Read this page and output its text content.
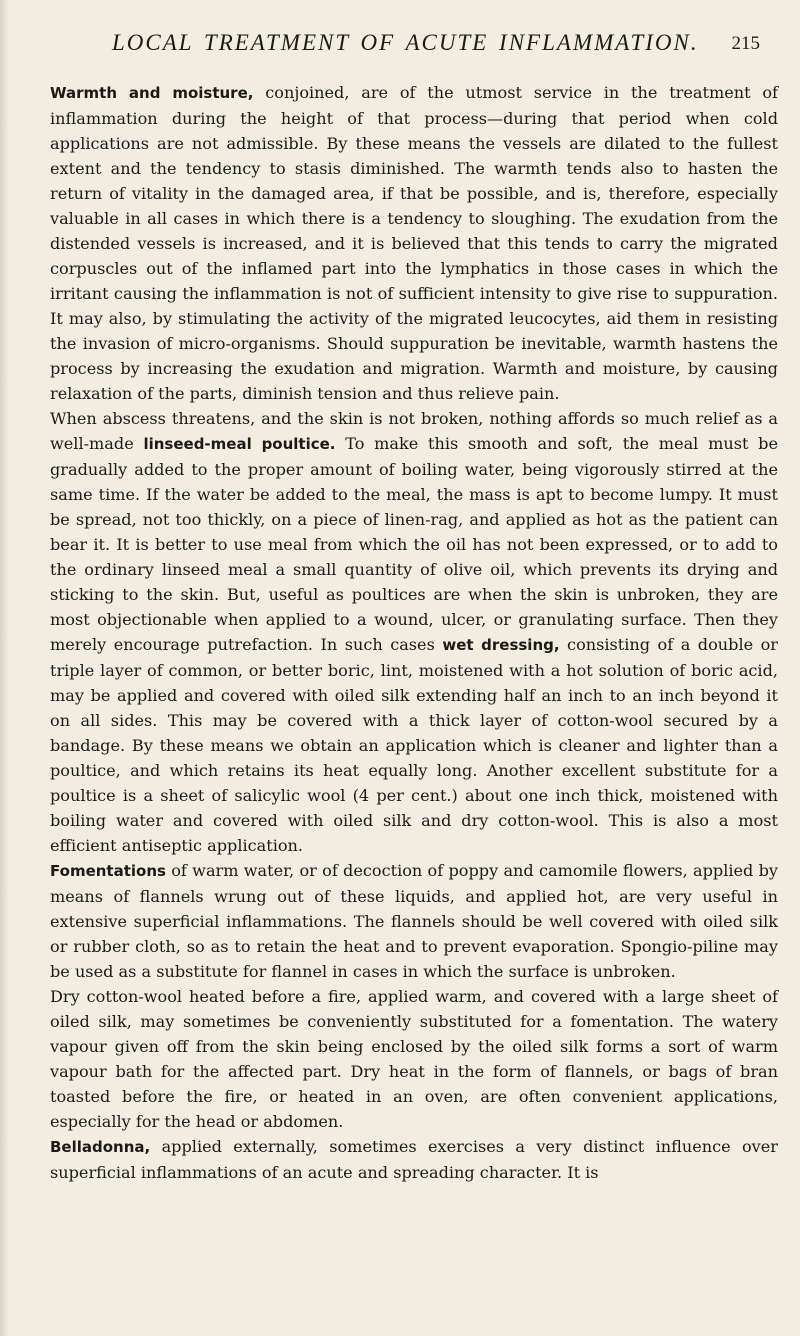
LOCAL TREATMENT OF ACUTE INFLAMMATION. 215

Warmth and moisture, conjoined, are of the utmost service in the treatment of inflammation during the height of that process—during that period when cold applications are not admissible. By these means the vessels are dilated to the fullest extent and the tendency to stasis diminished. The warmth tends also to hasten the return of vitality in the damaged area, if that be possible, and is, therefore, especially valuable in all cases in which there is a tendency to sloughing. The exudation from the distended vessels is increased, and it is believed that this tends to carry the migrated corpuscles out of the inflamed part into the lymphatics in those cases in which the irritant causing the inflammation is not of sufficient intensity to give rise to suppuration. It may also, by stimulating the activity of the migrated leucocytes, aid them in resisting the invasion of micro-organisms. Should suppuration be inevitable, warmth hastens the process by increasing the exudation and migration. Warmth and moisture, by causing relaxation of the parts, diminish tension and thus relieve pain.

When abscess threatens, and the skin is not broken, nothing affords so much relief as a well-made linseed-meal poultice. To make this smooth and soft, the meal must be gradually added to the proper amount of boiling water, being vigorously stirred at the same time. If the water be added to the meal, the mass is apt to become lumpy. It must be spread, not too thickly, on a piece of linen-rag, and applied as hot as the patient can bear it. It is better to use meal from which the oil has not been expressed, or to add to the ordinary linseed meal a small quantity of olive oil, which prevents its drying and sticking to the skin. But, useful as poultices are when the skin is unbroken, they are most objectionable when applied to a wound, ulcer, or granulating surface. Then they merely encourage putrefaction. In such cases wet dressing, consisting of a double or triple layer of common, or better boric, lint, moistened with a hot solution of boric acid, may be applied and covered with oiled silk extending half an inch to an inch beyond it on all sides. This may be covered with a thick layer of cotton-wool secured by a bandage. By these means we obtain an application which is cleaner and lighter than a poultice, and which retains its heat equally long. Another excellent substitute for a poultice is a sheet of salicylic wool (4 per cent.) about one inch thick, moistened with boiling water and covered with oiled silk and dry cotton-wool. This is also a most efficient antiseptic application.

Fomentations of warm water, or of decoction of poppy and camomile flowers, applied by means of flannels wrung out of these liquids, and applied hot, are very useful in extensive superficial inflammations. The flannels should be well covered with oiled silk or rubber cloth, so as to retain the heat and to prevent evaporation. Spongio-piline may be used as a substitute for flannel in cases in which the surface is unbroken.

Dry cotton-wool heated before a fire, applied warm, and covered with a large sheet of oiled silk, may sometimes be conveniently substituted for a fomentation. The watery vapour given off from the skin being enclosed by the oiled silk forms a sort of warm vapour bath for the affected part. Dry heat in the form of flannels, or bags of bran toasted before the fire, or heated in an oven, are often convenient applications, especially for the head or abdomen.

Belladonna, applied externally, sometimes exercises a very distinct influence over superficial inflammations of an acute and spreading character. It is
